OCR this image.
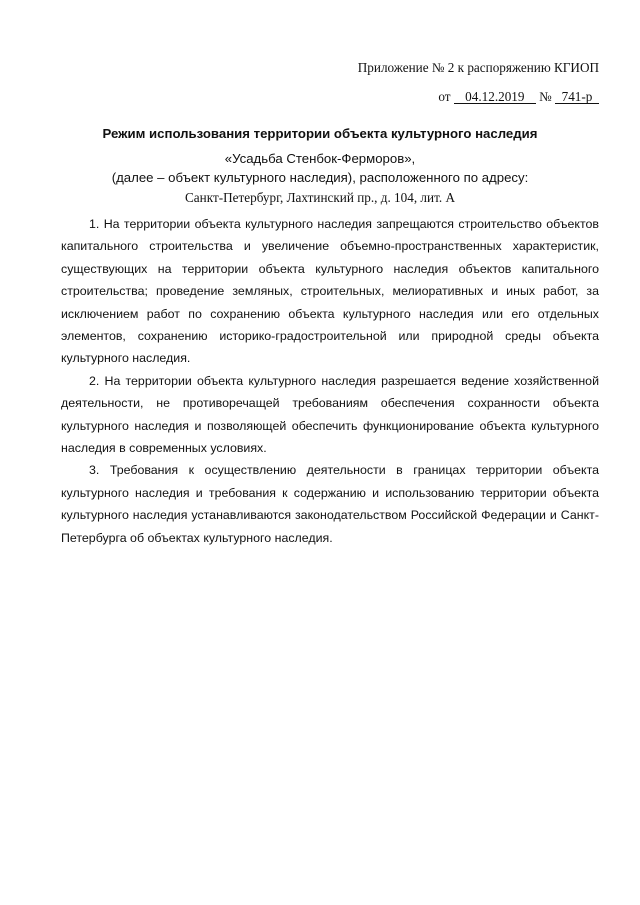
Приложение № 2 к распоряжению КГИОП
от 04.12.2019 № 741-р
Режим использования территории объекта культурного наследия
«Усадьба Стенбок-Ферморов»,
(далее – объект культурного наследия), расположенного по адресу:
Санкт-Петербург, Лахтинский пр., д. 104, лит. А

1. На территории объекта культурного наследия запрещаются строительство объектов капитального строительства и увеличение объемно-пространственных характеристик, существующих на территории объекта культурного наследия объектов капитального строительства; проведение земляных, строительных, мелиоративных и иных работ, за исключением работ по сохранению объекта культурного наследия или его отдельных элементов, сохранению историко-градостроительной или природной среды объекта культурного наследия.

2. На территории объекта культурного наследия разрешается ведение хозяйственной деятельности, не противоречащей требованиям обеспечения сохранности объекта культурного наследия и позволяющей обеспечить функционирование объекта культурного наследия в современных условиях.

3. Требования к осуществлению деятельности в границах территории объекта культурного наследия и требования к содержанию и использованию территории объекта культурного наследия устанавливаются законодательством Российской Федерации и Санкт-Петербурга об объектах культурного наследия.
